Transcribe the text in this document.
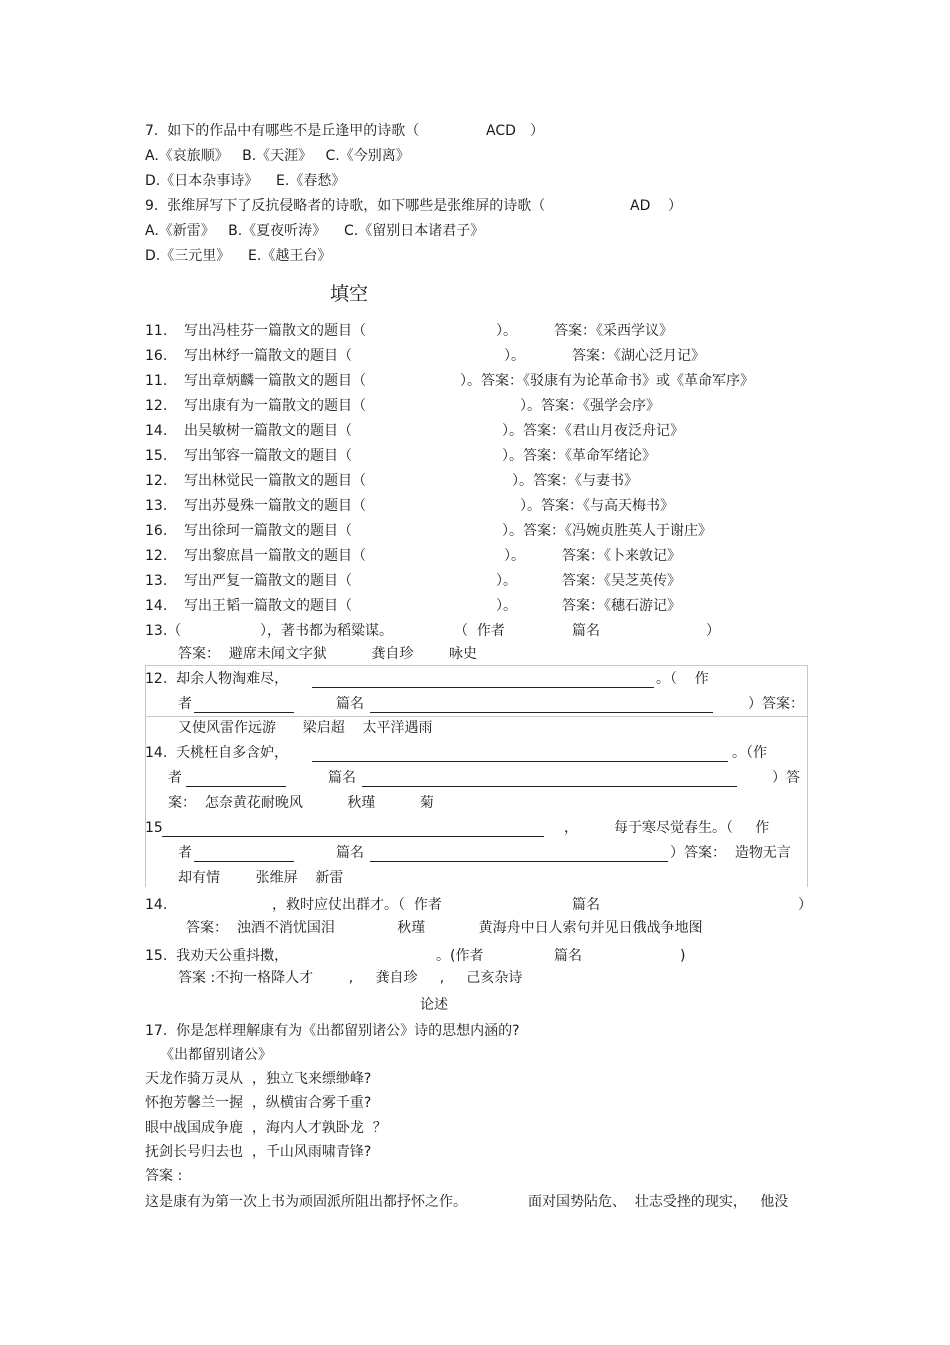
7.  如下的作品中有哪些不是丘逢甲的诗歌（	ACD ）
A.《哀旅顺》   B.《天涯》   C.《今别离》
D.《日本杂事诗》    E.《春愁》
9.  张维屏写下了反抗侵略者的诗歌，如下哪些是张维屏的诗歌（	AD ）
A.《新雷》   B.《夏夜听涛》    C.《留别日本诸君子》
D.《三元里》    E.《越王台》
填空
11. 写出冯桂芬一篇散文的题目（	）。	答案：《采西学议》
16. 写出林纾一篇散文的题目（	）。	答案：《湖心泛月记》
11. 写出章炳麟一篇散文的题目（	）。答案：《驳康有为论革命书》或《革命军序》
12. 写出康有为一篇散文的题目（	）。答案：《强学会序》
14. 出吴敏树一篇散文的题目（	）。答案：《君山月夜泛舟记》
15. 写出邹容一篇散文的题目（	）。答案：《革命军绪论》
12. 写出林觉民一篇散文的题目（	）。答案：《与妻书》
13. 写出苏曼殊一篇散文的题目（	）。答案：《与高天梅书》
16. 写出徐珂一篇散文的题目（	）。答案：《冯婉贞胜英人于谢庄》
12. 写出黎庶昌一篇散文的题目（	）。	答案：《卜来敦记》
13. 写出严复一篇散文的题目（	）。	答案：《吴芝英传》
14. 写出王韬一篇散文的题目（	）。	答案：《穗石游记》
13.（	），著书都为稻粱谋。	（  作者	篇名	）
答案：  避席未闻文字狱          龚自珍        咏史
12.  却余人物淘难尽，	。（    作
者	篇名	）答案：
又使风雷作远游      梁启超    太平洋遇雨
14.  夭桃枉自多含妒，	。（作
者	篇名	）答
案：  怎奈黄花耐晚风          秋瑾          菊
15	，	每于寒尽觉春生。（     作
者	篇名	）答案：  造物无言
却有情        张维屏    新雷
14.	，救时应仗出群才。（  作者	篇名	）
答案：  浊酒不消忧国泪              秋瑾            黄海舟中日人索句并见日俄战争地图
15.  我劝天公重抖擞，	。(作者	篇名	)
答案 :不拘一格降人才        ,     龚自珍     ,     己亥杂诗
论述
17.  你是怎样理解康有为《出都留别诸公》诗的思想内涵的?
《出都留别诸公》
天龙作骑万灵从  ，独立飞来缥缈峰?
怀抱芳馨兰一握  ，纵横宙合雾千重?
眼中战国成争鹿  ，海内人才孰卧龙  ？
抚剑长号归去也  ，千山风雨啸青锋?
答案 :
这是康有为第一次上书为顽固派所阻出都抒怀之作。	面对国势阽危、  壮志受挫的现实，   他没
